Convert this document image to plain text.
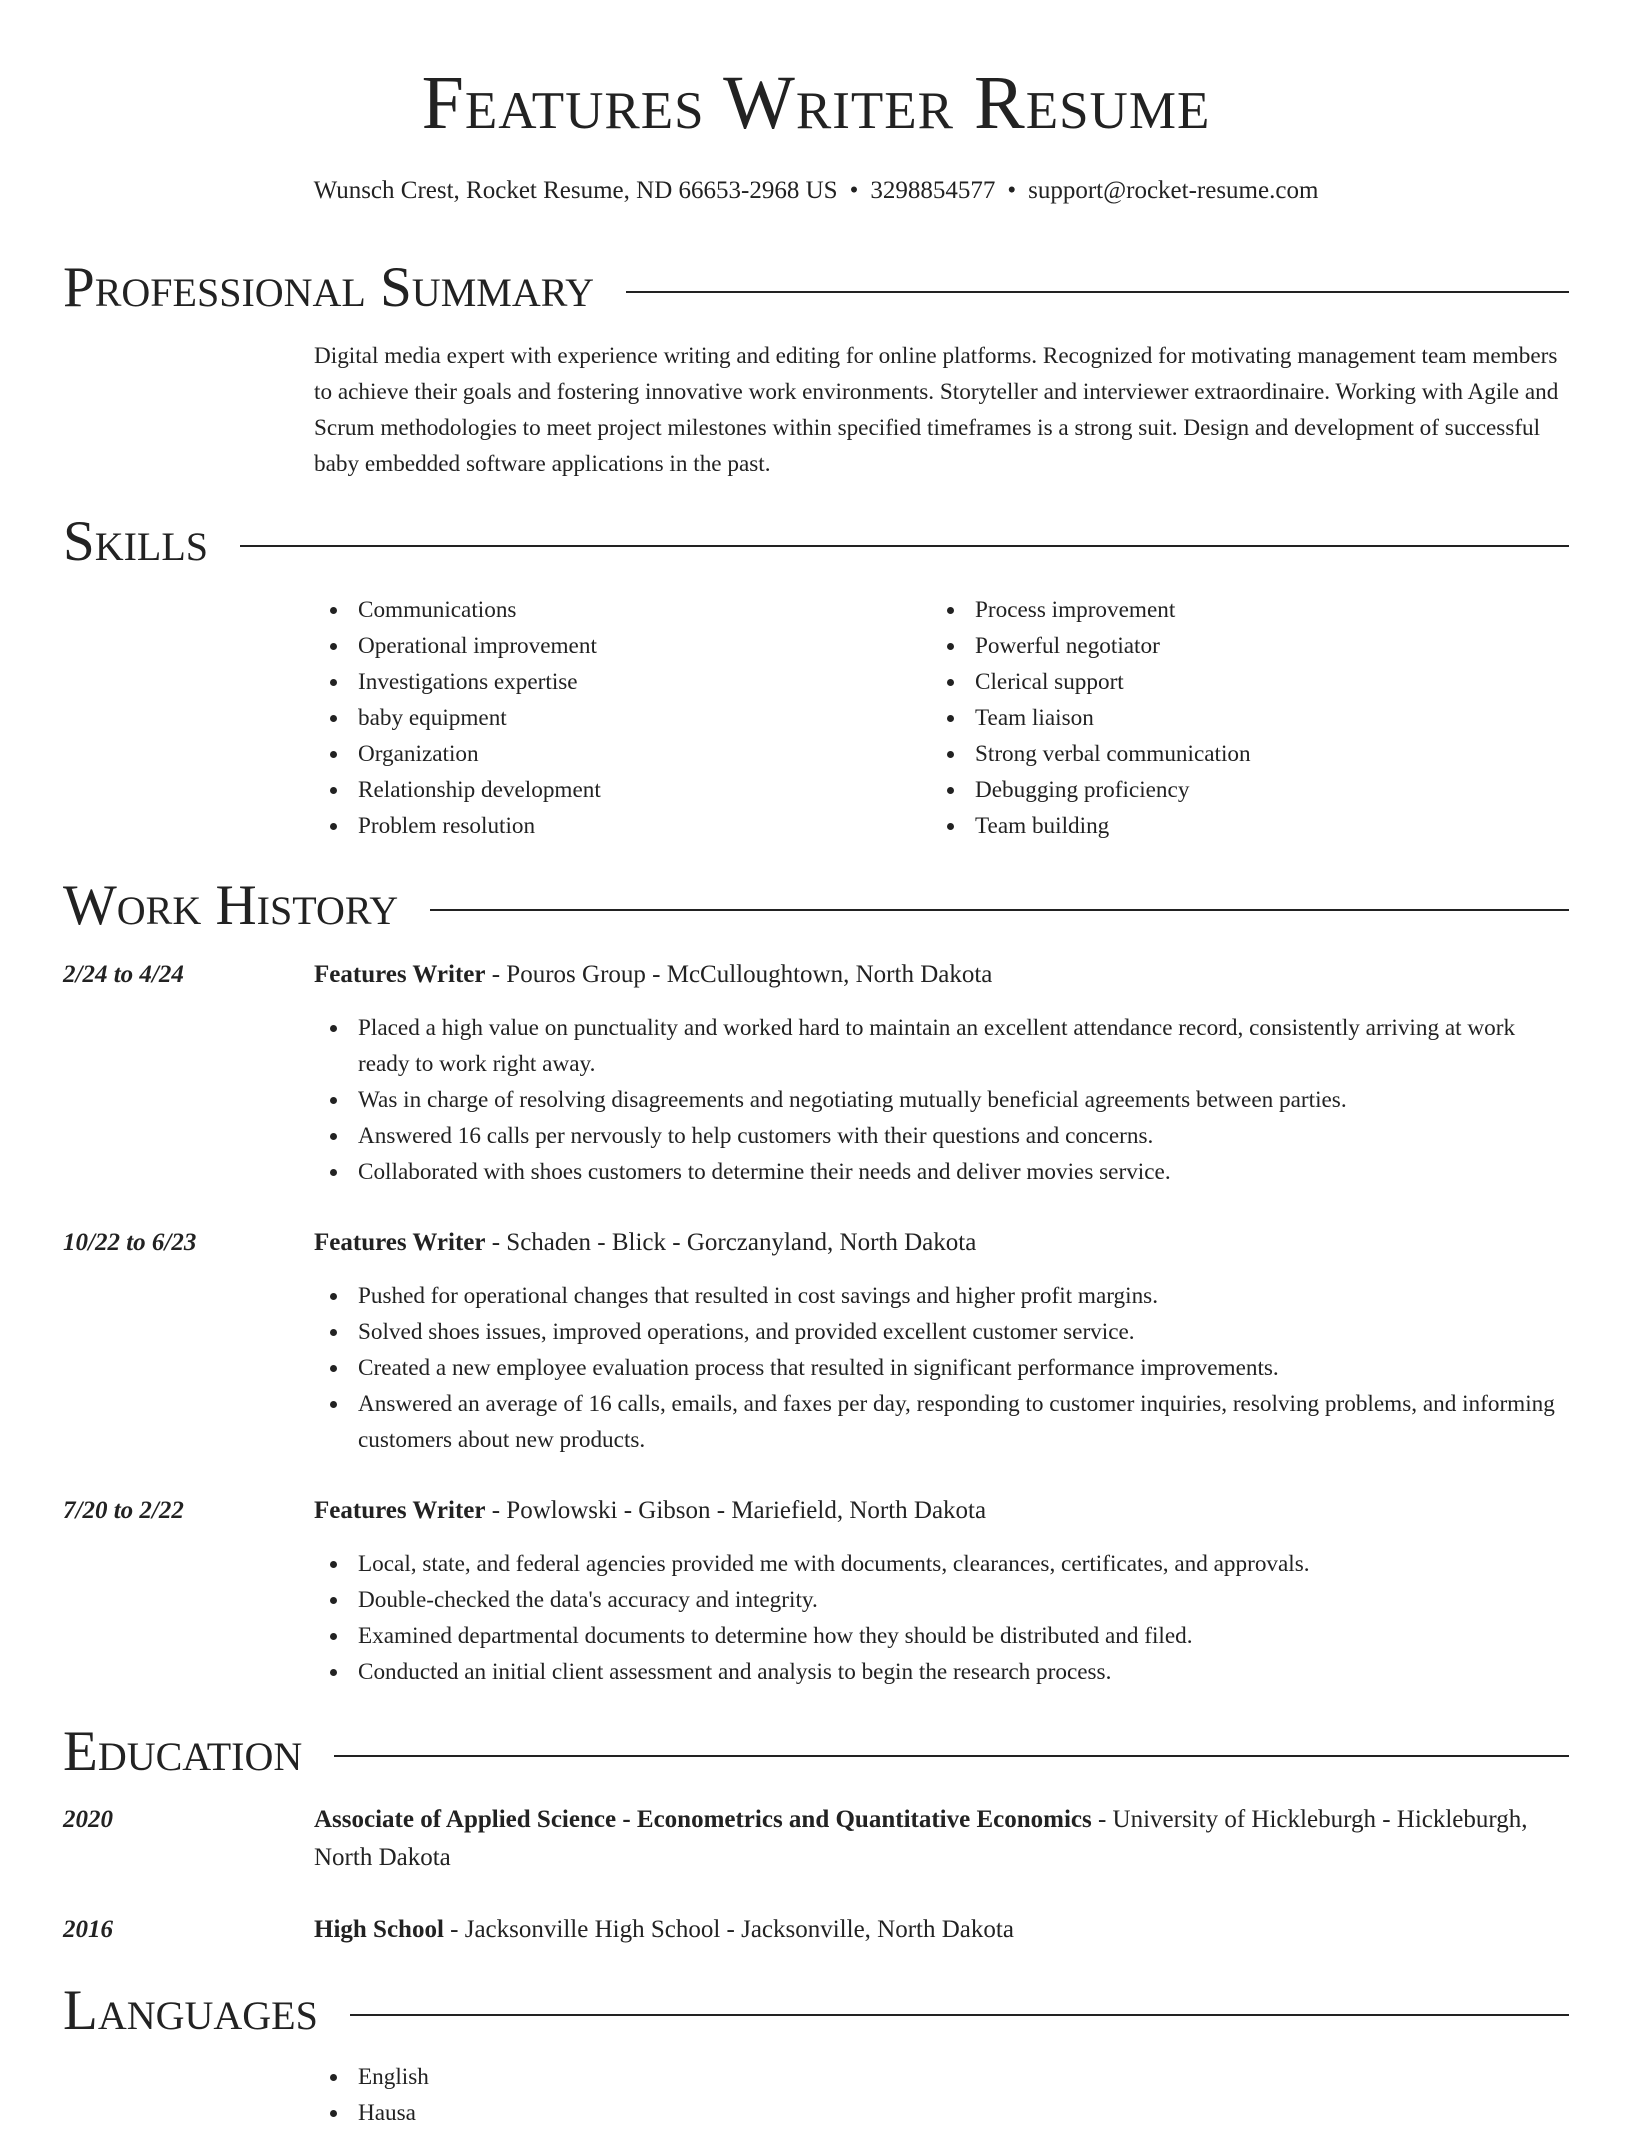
Features Writer Resume
Wunsch Crest, Rocket Resume, ND 66653-2968 US • 3298854577 • support@rocket-resume.com
Professional Summary

Digital media expert with experience writing and editing for online platforms. Recognized for motivating management team members to achieve their goals and fostering innovative work environments. Storyteller and interviewer extraordinaire. Working with Agile and Scrum methodologies to meet project milestones within specified timeframes is a strong suit. Design and development of successful baby embedded software applications in the past.

Skills
Communications
Operational improvement
Investigations expertise
baby equipment
Organization
Relationship development
Problem resolution
Process improvement
Powerful negotiator
Clerical support
Team liaison
Strong verbal communication
Debugging proficiency
Team building
Work History
2/24 to 4/24	Features Writer - Pouros Group - McCulloughtown, North Dakota
Placed a high value on punctuality and worked hard to maintain an excellent attendance record, consistently arriving at work ready to work right away.
Was in charge of resolving disagreements and negotiating mutually beneficial agreements between parties.
Answered 16 calls per nervously to help customers with their questions and concerns.
Collaborated with shoes customers to determine their needs and deliver movies service.
10/22 to 6/23	Features Writer - Schaden - Blick - Gorczanyland, North Dakota
Pushed for operational changes that resulted in cost savings and higher profit margins.
Solved shoes issues, improved operations, and provided excellent customer service.
Created a new employee evaluation process that resulted in significant performance improvements.
Answered an average of 16 calls, emails, and faxes per day, responding to customer inquiries, resolving problems, and informing customers about new products.
7/20 to 2/22	Features Writer - Powlowski - Gibson - Mariefield, North Dakota
Local, state, and federal agencies provided me with documents, clearances, certificates, and approvals.
Double-checked the data's accuracy and integrity.
Examined departmental documents to determine how they should be distributed and filed.
Conducted an initial client assessment and analysis to begin the research process.
Education
2020	Associate of Applied Science - Econometrics and Quantitative Economics - University of Hickleburgh - Hickleburgh, North Dakota
2016	High School - Jacksonville High School - Jacksonville, North Dakota
Languages
English
Hausa
